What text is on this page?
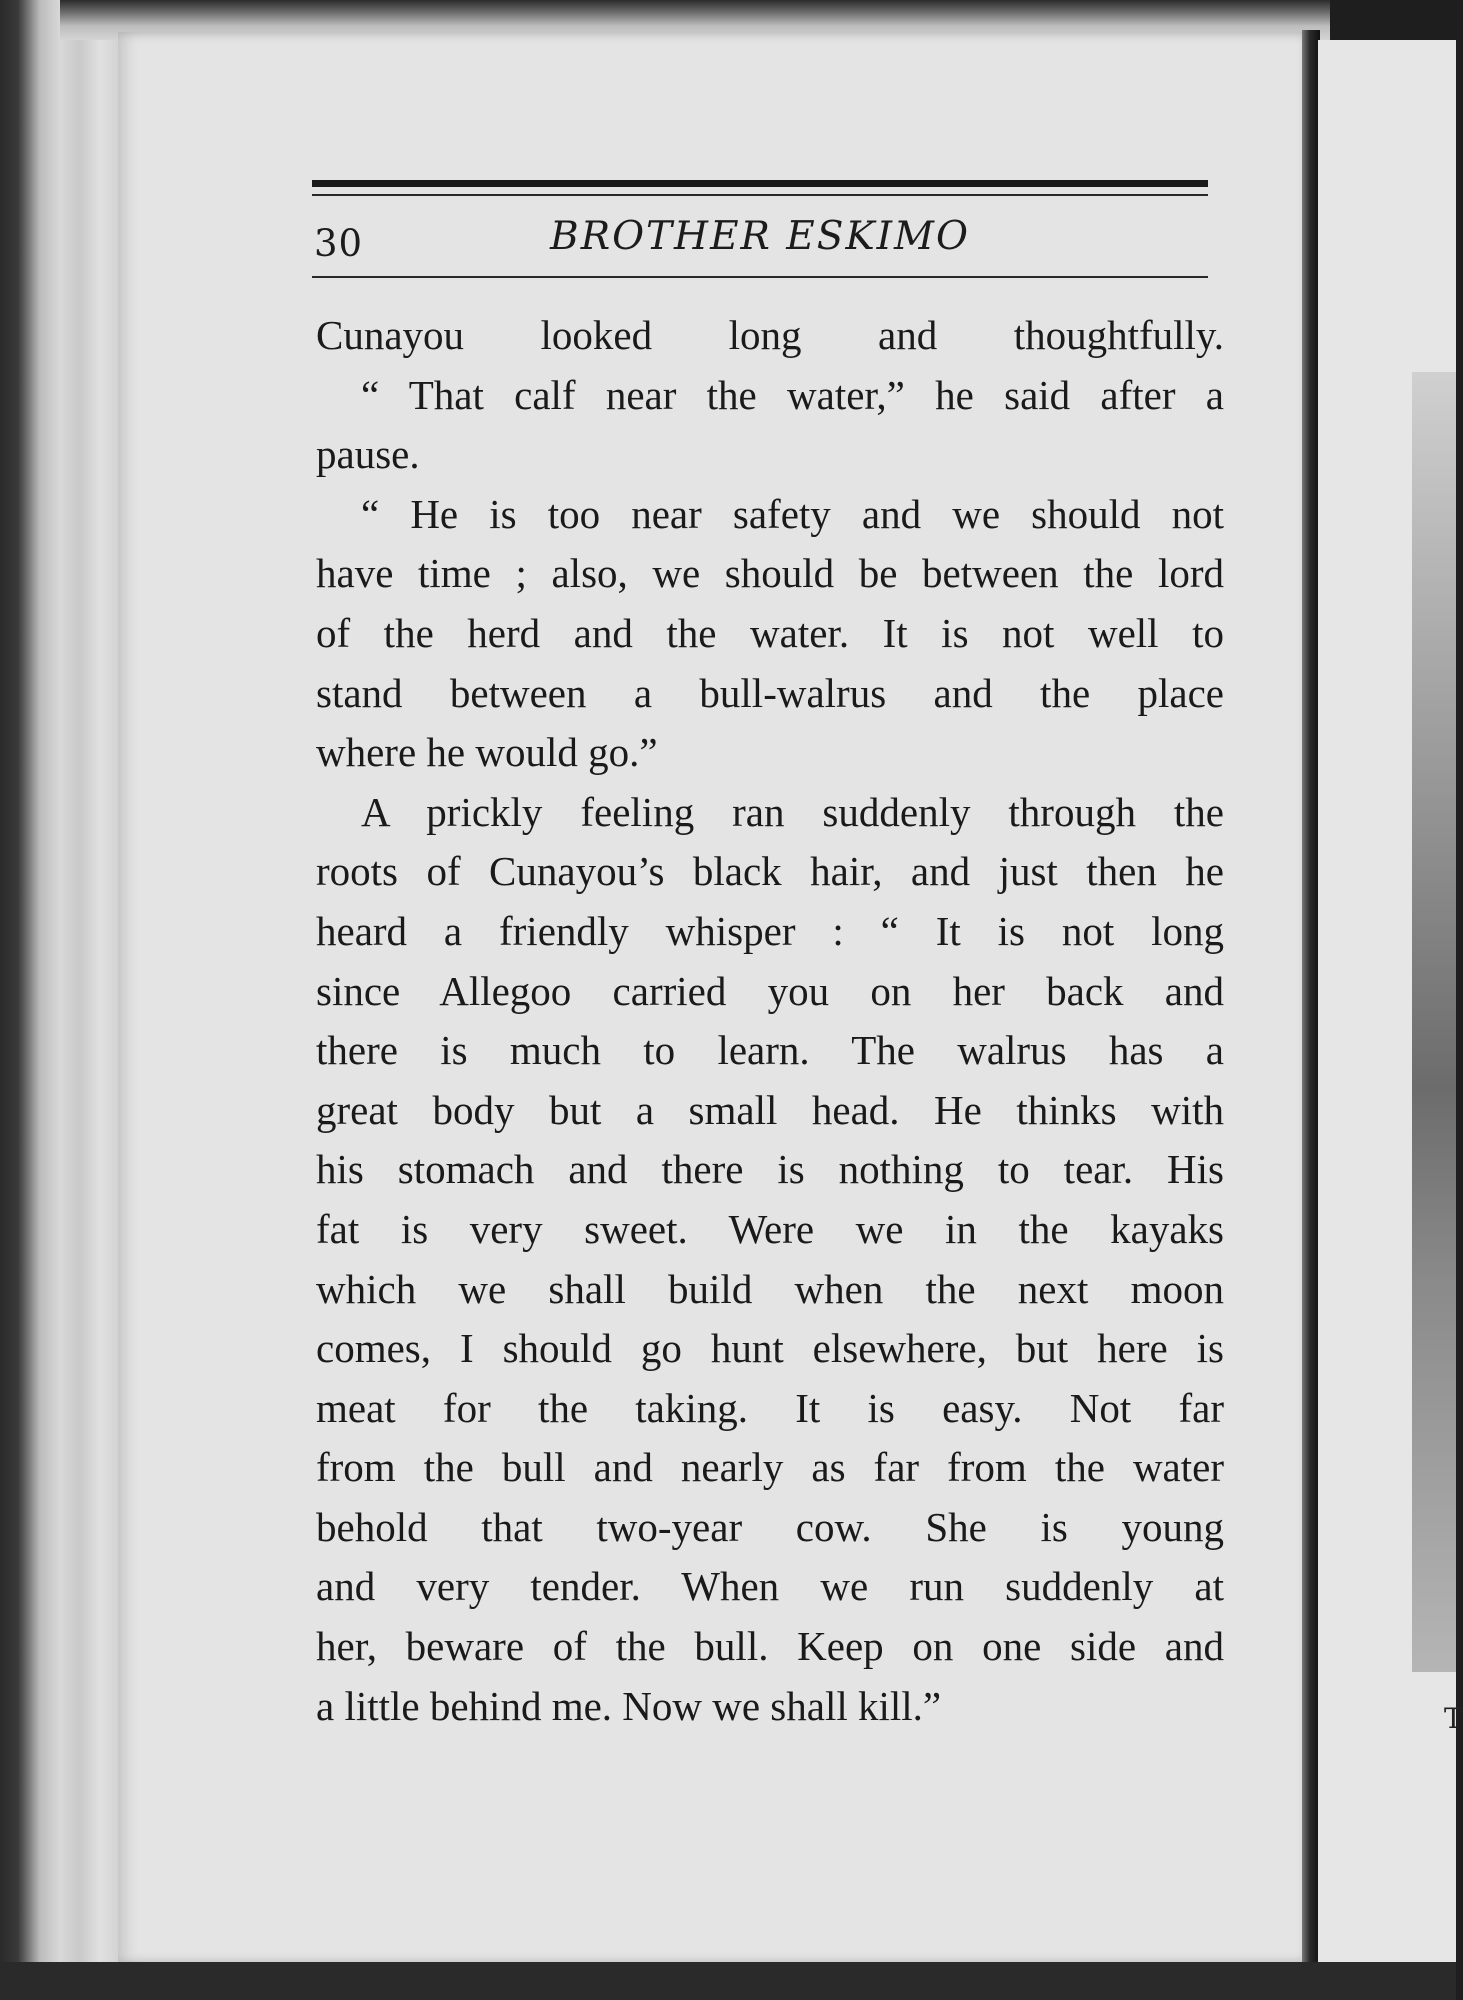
T
30	BROTHER ESKIMO
Cunayou looked long and thoughtfully.
“ That calf near the water,” he said after a
pause.
“ He is too near safety and we should not
have time ; also, we should be between the lord
of the herd and the water. It is not well to
stand between a bull-walrus and the place
where he would go.”
A prickly feeling ran suddenly through the
roots of Cunayou’s black hair, and just then he
heard a friendly whisper : “ It is not long
since Allegoo carried you on her back and
there is much to learn. The walrus has a
great body but a small head. He thinks with
his stomach and there is nothing to tear. His
fat is very sweet. Were we in the kayaks
which we shall build when the next moon
comes, I should go hunt elsewhere, but here is
meat for the taking. It is easy. Not far
from the bull and nearly as far from the water
behold that two-year cow. She is young
and very tender. When we run suddenly at
her, beware of the bull. Keep on one side and
a little behind me. Now we shall kill.”
